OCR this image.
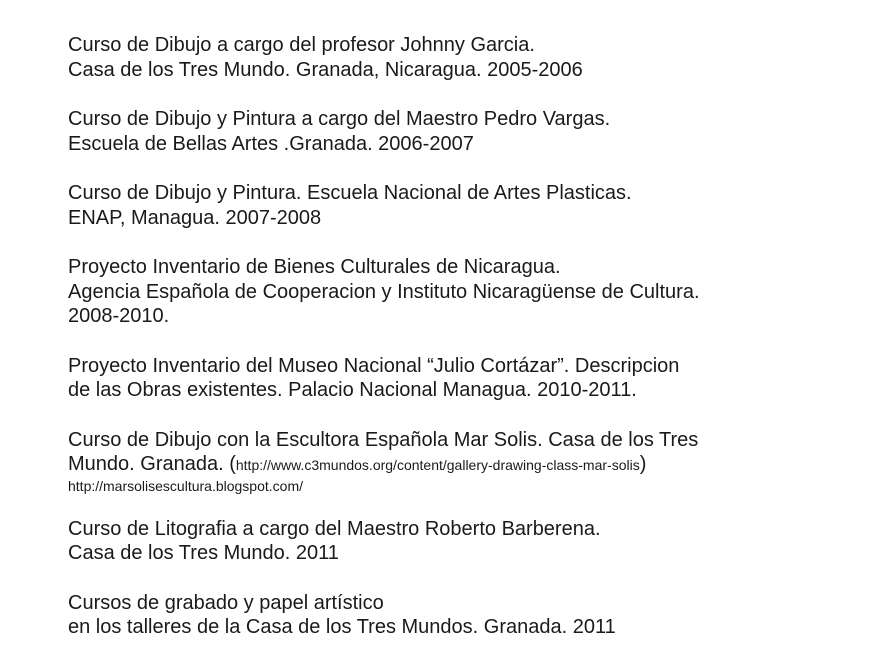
Curso de Dibujo a cargo del profesor Johnny Garcia.
Casa de los Tres Mundo. Granada, Nicaragua. 2005-2006
Curso de Dibujo y Pintura a cargo del Maestro Pedro Vargas.
Escuela de Bellas Artes .Granada. 2006-2007
Curso de Dibujo y Pintura. Escuela Nacional de Artes Plasticas.
ENAP, Managua. 2007-2008
Proyecto Inventario de Bienes Culturales de Nicaragua.
Agencia Española de Cooperacion y Instituto Nicaragüense de Cultura.
2008-2010.
Proyecto Inventario del Museo Nacional “Julio Cortázar”. Descripcion
de las Obras existentes. Palacio Nacional Managua. 2010-2011.
Curso de Dibujo con la Escultora Española Mar Solis. Casa de los Tres
Mundo. Granada. (http://www.c3mundos.org/content/gallery-drawing-class-mar-solis)
http://marsolisescultura.blogspot.com/
Curso de Litografia a cargo del Maestro Roberto Barberena.
Casa de los Tres Mundo. 2011
Cursos de grabado y papel artístico
en los talleres de la Casa de los Tres Mundos. Granada. 2011
